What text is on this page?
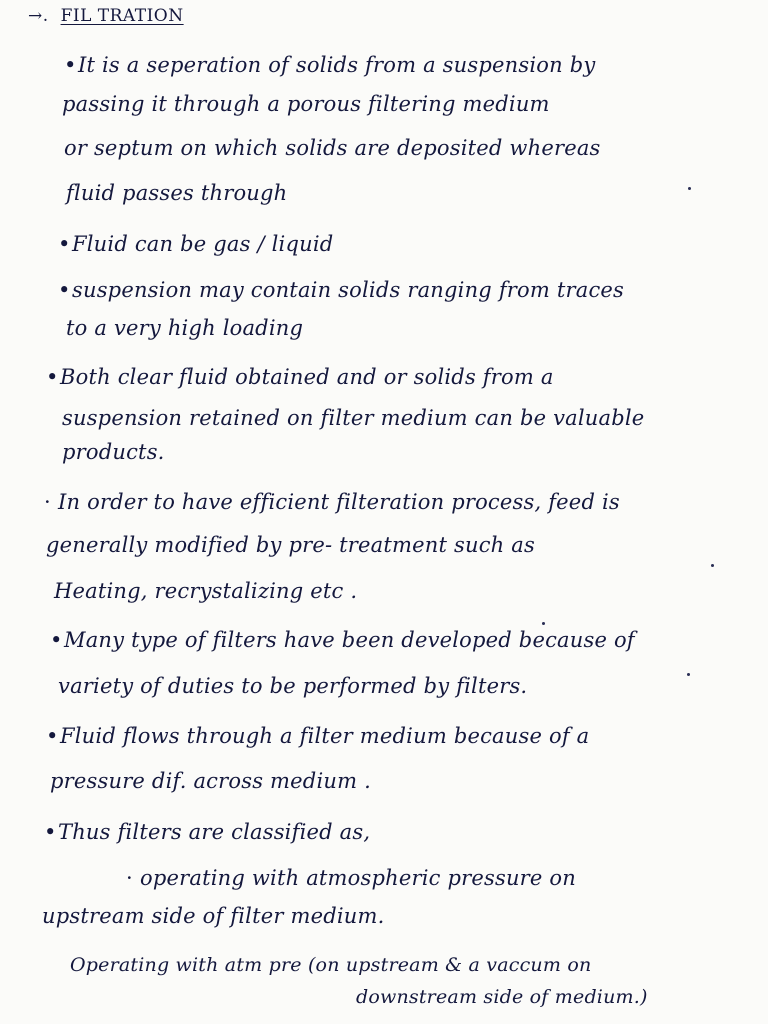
→. FIL TRATION
•It is a seperation of solids from a suspension by
passing it through a porous filtering medium
or septum on which solids are deposited whereas
fluid passes through
•Fluid can be gas / liquid
•suspension may contain solids ranging from traces
to a very high loading
•Both clear fluid obtained and or solids from a
suspension retained on filter medium can be valuable
products.
· In order to have efficient filteration process, feed is
generally modified by pre- treatment such as
Heating, recrystalizing etc .
•Many type of filters have been developed because of
variety of duties to be performed by filters.
•Fluid flows through a filter medium because of a
pressure dif. across medium .
•Thus filters are classified as,
· operating with atmospheric pressure on
upstream side of filter medium.
Operating with atm pre (on upstream & a vaccum on
downstream side of medium.)
